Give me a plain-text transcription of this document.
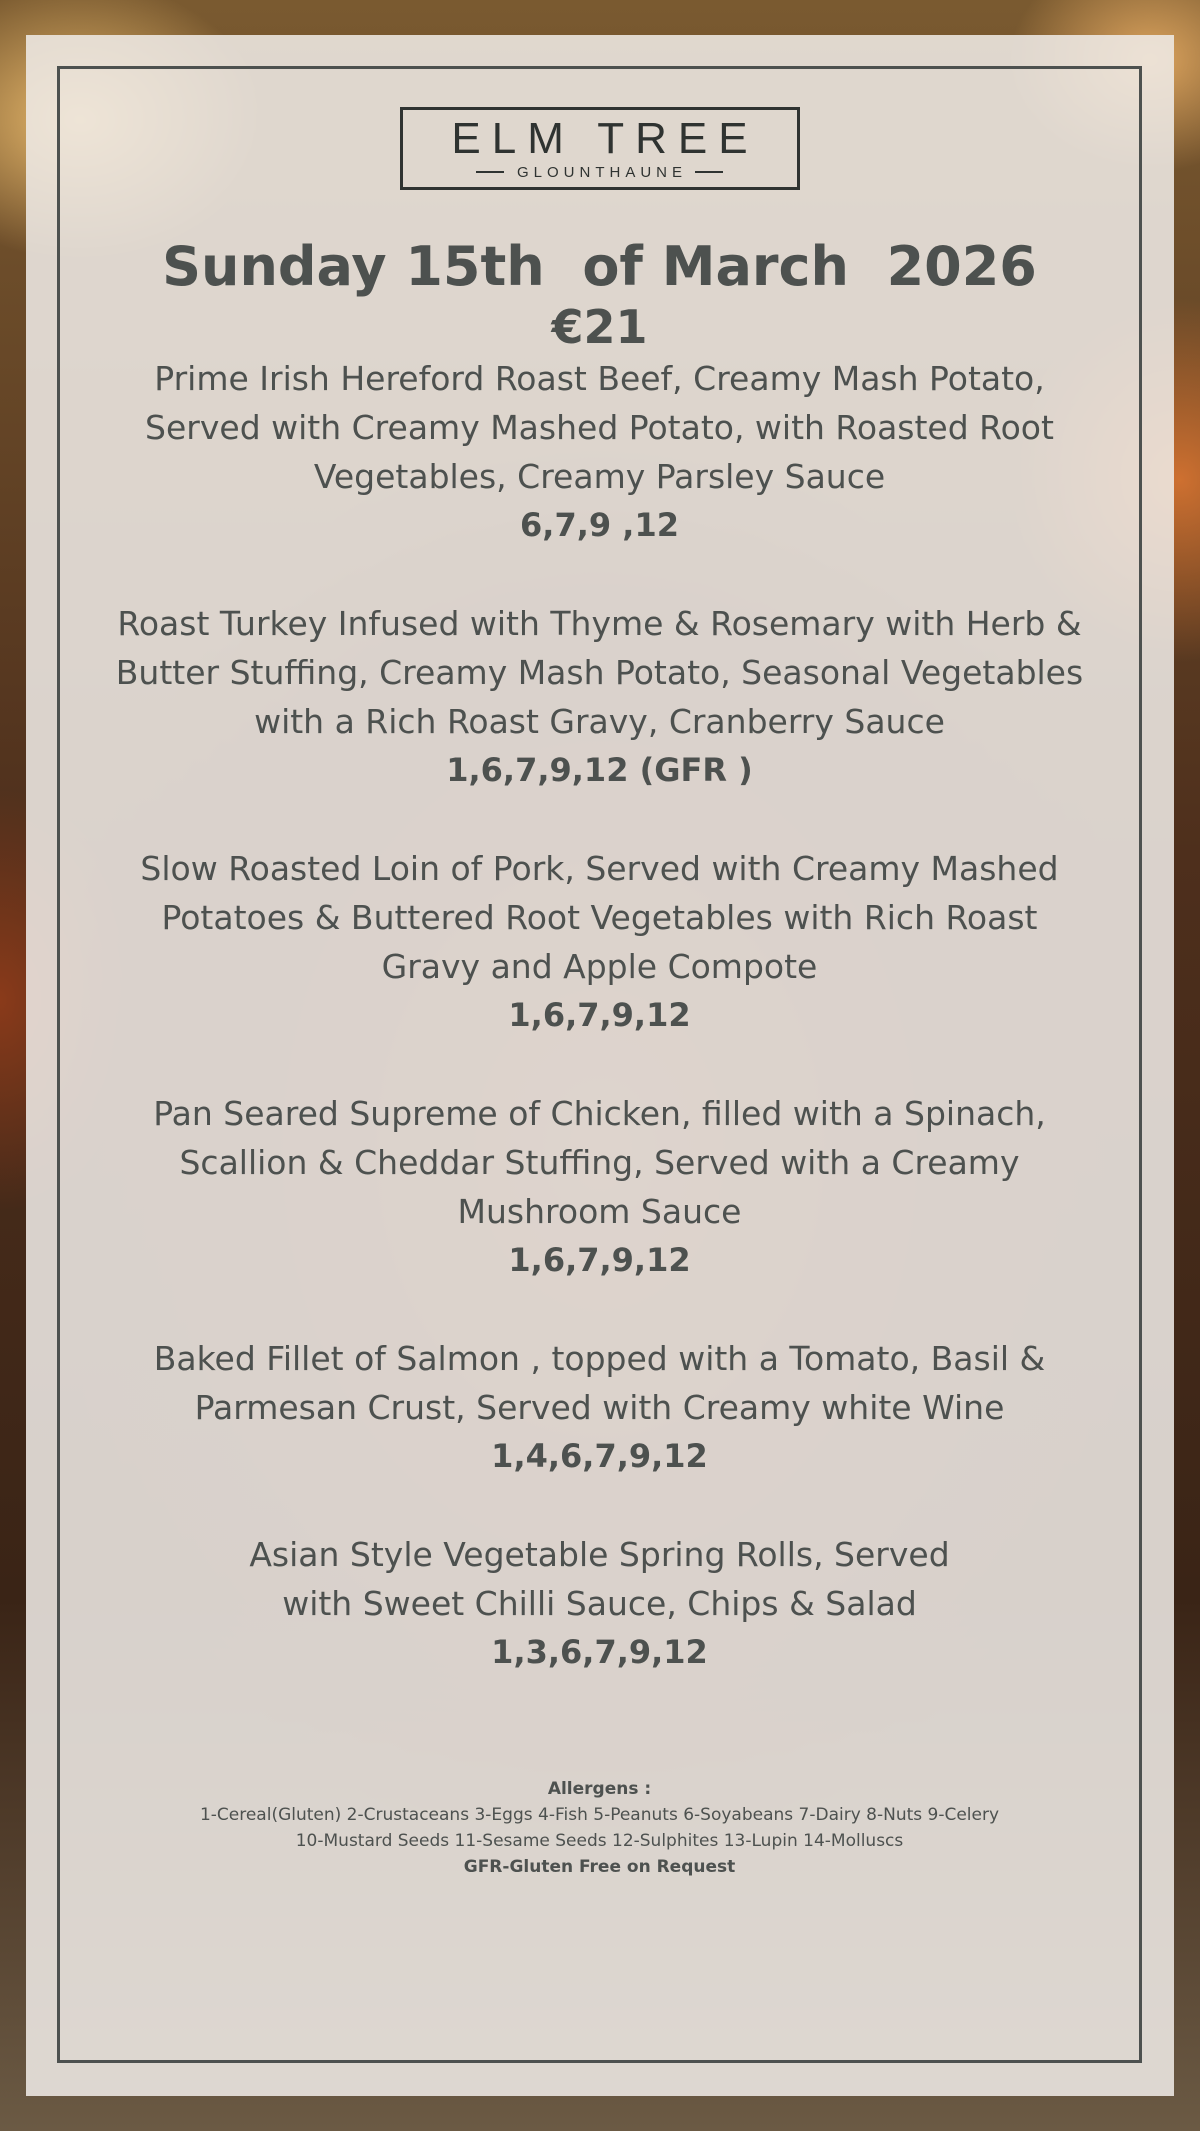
ELM TREE
GLOUNTHAUNE
Sunday 15th  of March  2026
€21

Prime Irish Hereford Roast Beef, Creamy Mash Potato, Served with Creamy Mashed Potato, with Roasted Root Vegetables, Creamy Parsley Sauce

6,7,9 ,12

Roast Turkey Infused with Thyme & Rosemary with Herb & Butter Stuffing, Creamy Mash Potato, Seasonal Vegetables with a Rich Roast Gravy, Cranberry Sauce

1,6,7,9,12 (GFR )

Slow Roasted Loin of Pork, Served with Creamy Mashed Potatoes & Buttered Root Vegetables with Rich Roast Gravy and Apple Compote

1,6,7,9,12

Pan Seared Supreme of Chicken, filled with a Spinach, Scallion & Cheddar Stuffing, Served with a Creamy Mushroom Sauce

1,6,7,9,12

Baked Fillet of Salmon , topped with a Tomato, Basil & Parmesan Crust, Served with Creamy white Wine

1,4,6,7,9,12

Asian Style Vegetable Spring Rolls, Served with Sweet Chilli Sauce, Chips & Salad

1,3,6,7,9,12
Allergens :
1-Cereal(Gluten) 2-Crustaceans 3-Eggs 4-Fish 5-Peanuts 6-Soyabeans 7-Dairy 8-Nuts 9-Celery
10-Mustard Seeds 11-Sesame Seeds 12-Sulphites 13-Lupin 14-Molluscs
GFR-Gluten Free on Request
